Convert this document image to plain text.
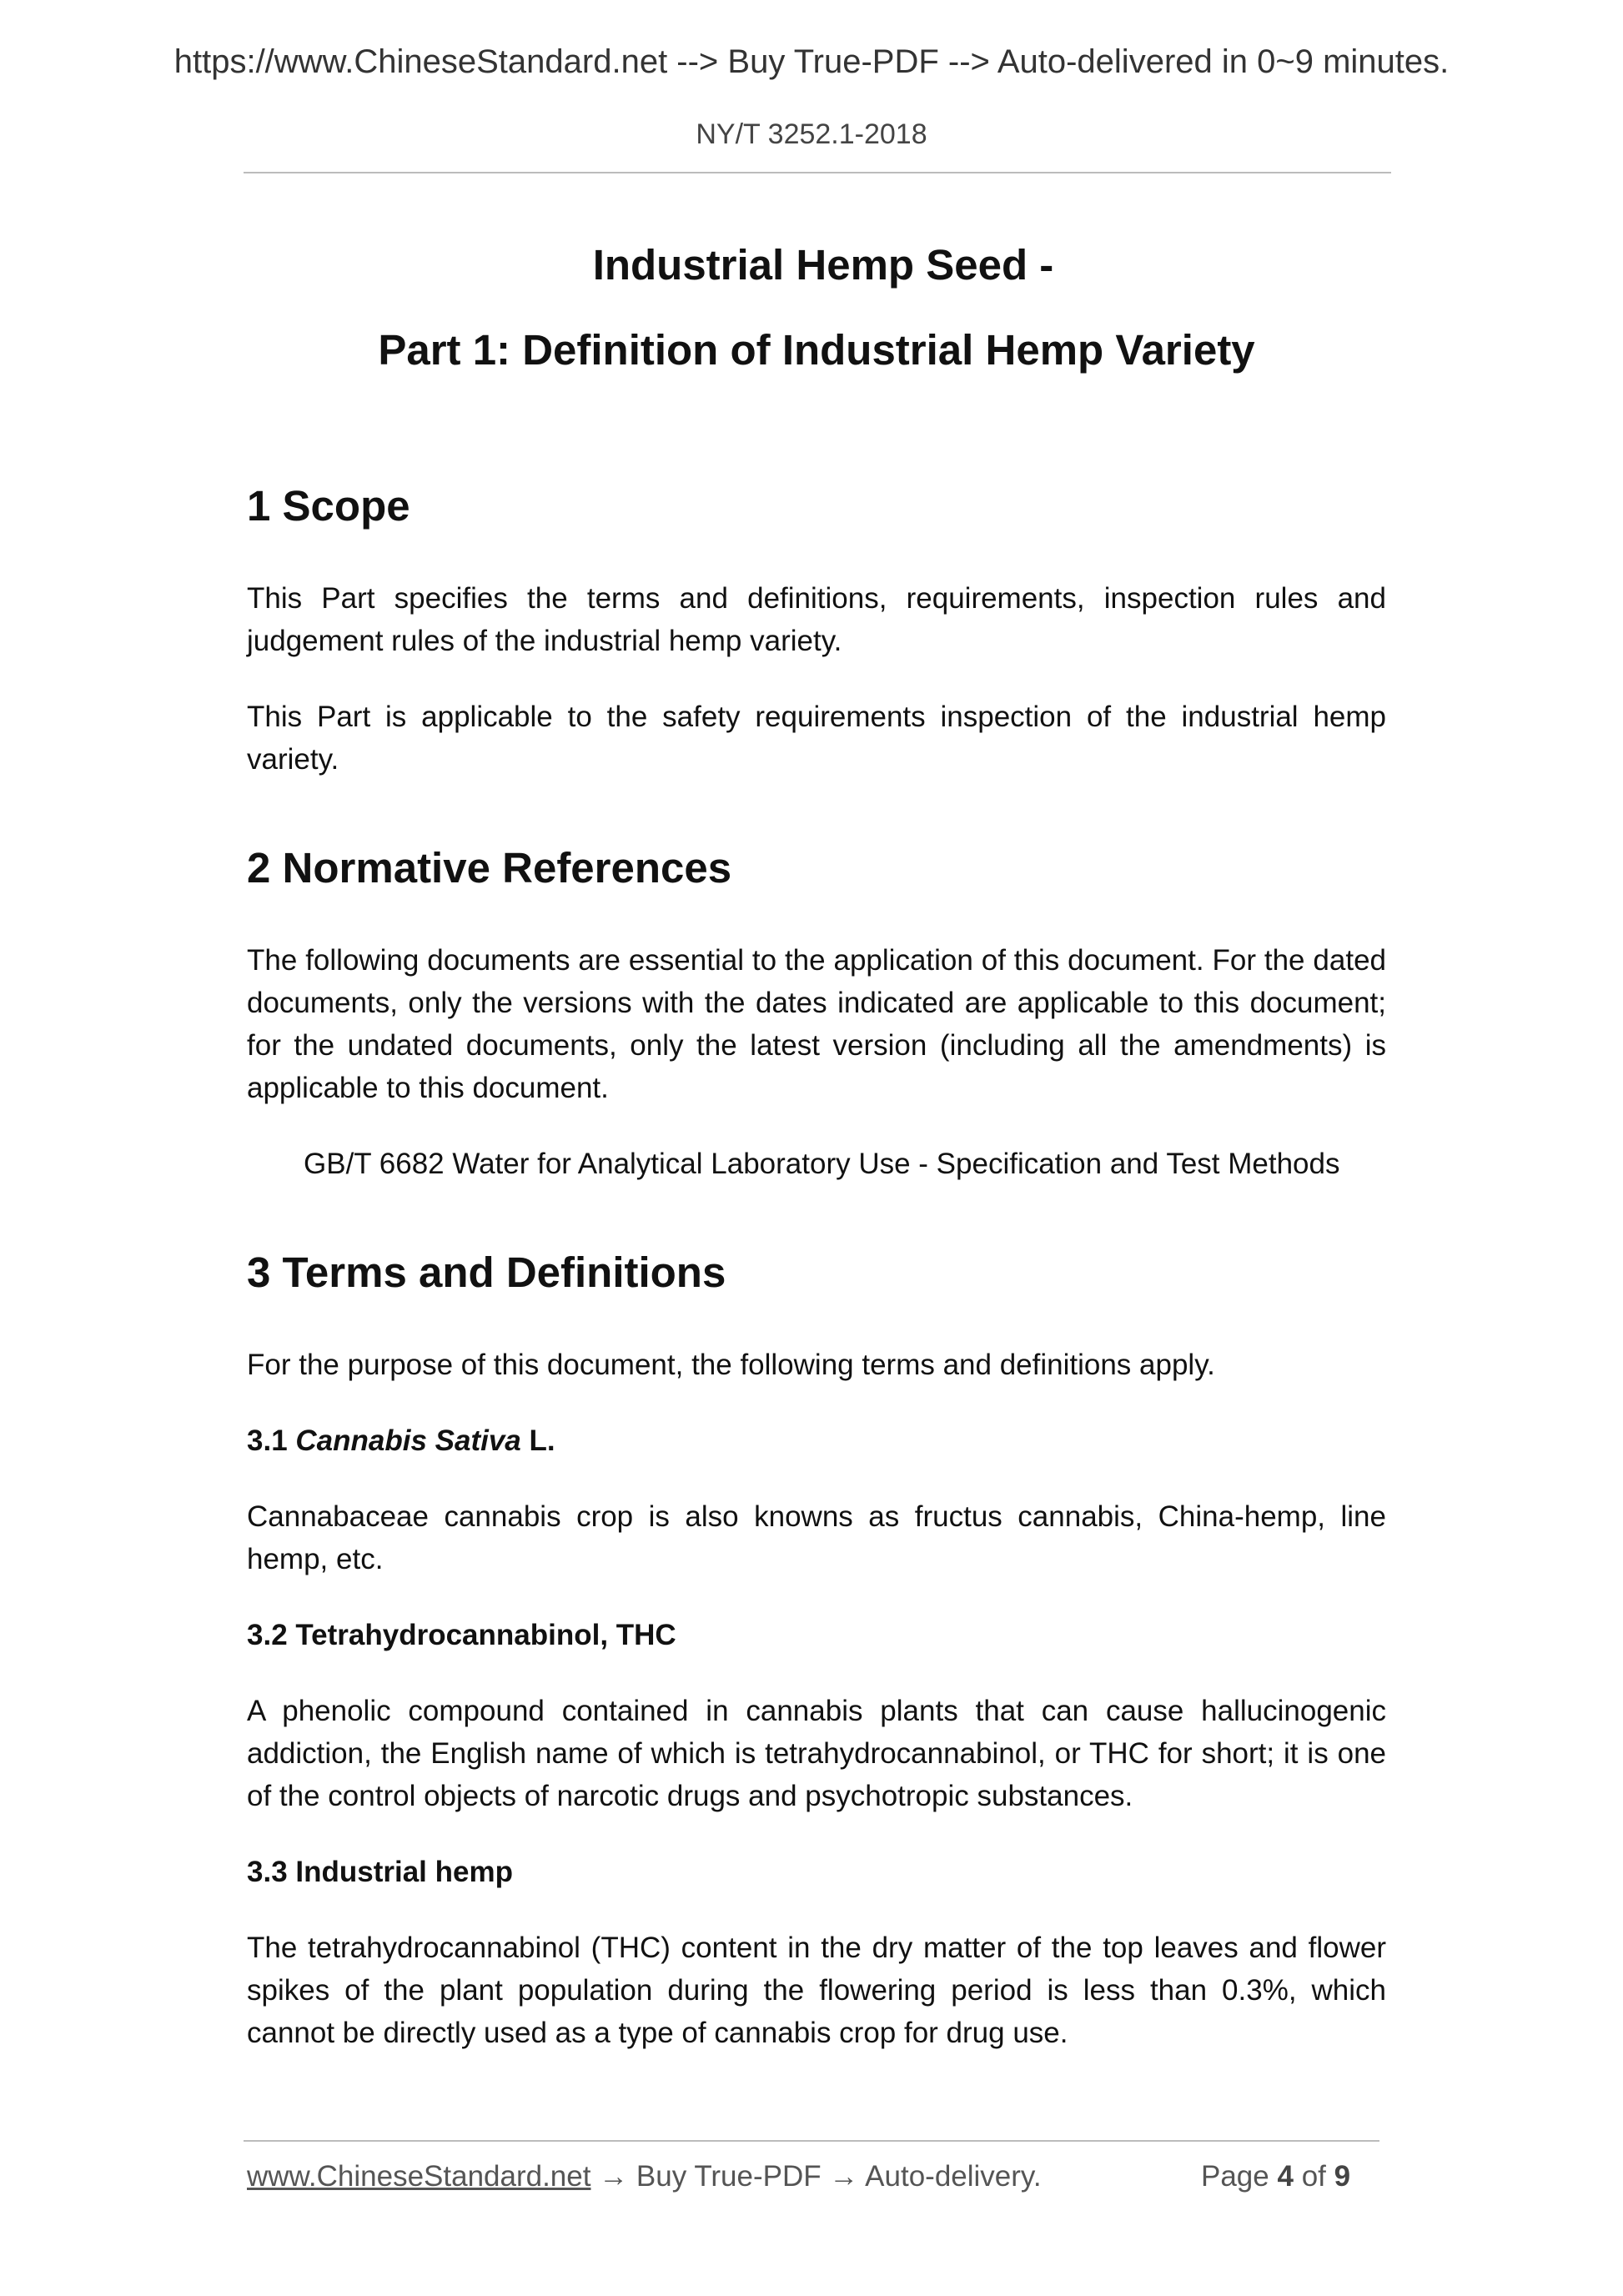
https://www.ChineseStandard.net --> Buy True-PDF --> Auto-delivered in 0~9 minutes.
NY/T 3252.1-2018
Industrial Hemp Seed -
Part 1: Definition of Industrial Hemp Variety
1 Scope

This Part specifies the terms and definitions, requirements, inspection rules and judgement rules of the industrial hemp variety.

This Part is applicable to the safety requirements inspection of the industrial hemp variety.

2 Normative References

The following documents are essential to the application of this document. For the dated documents, only the versions with the dates indicated are applicable to this document; for the undated documents, only the latest version (including all the amendments) is applicable to this document.

GB/T 6682 Water for Analytical Laboratory Use - Specification and Test Methods

3 Terms and Definitions

For the purpose of this document, the following terms and definitions apply.

3.1 Cannabis Sativa L.

Cannabaceae cannabis crop is also knowns as fructus cannabis, China-hemp, line hemp, etc.

3.2 Tetrahydrocannabinol, THC

A phenolic compound contained in cannabis plants that can cause hallucinogenic addiction, the English name of which is tetrahydrocannabinol, or THC for short; it is one of the control objects of narcotic drugs and psychotropic substances.

3.3 Industrial hemp

The tetrahydrocannabinol (THC) content in the dry matter of the top leaves and flower spikes of the plant population during the flowering period is less than 0.3%, which cannot be directly used as a type of cannabis crop for drug use.

www.ChineseStandard.net → Buy True-PDF → Auto-delivery.	Page 4 of 9
